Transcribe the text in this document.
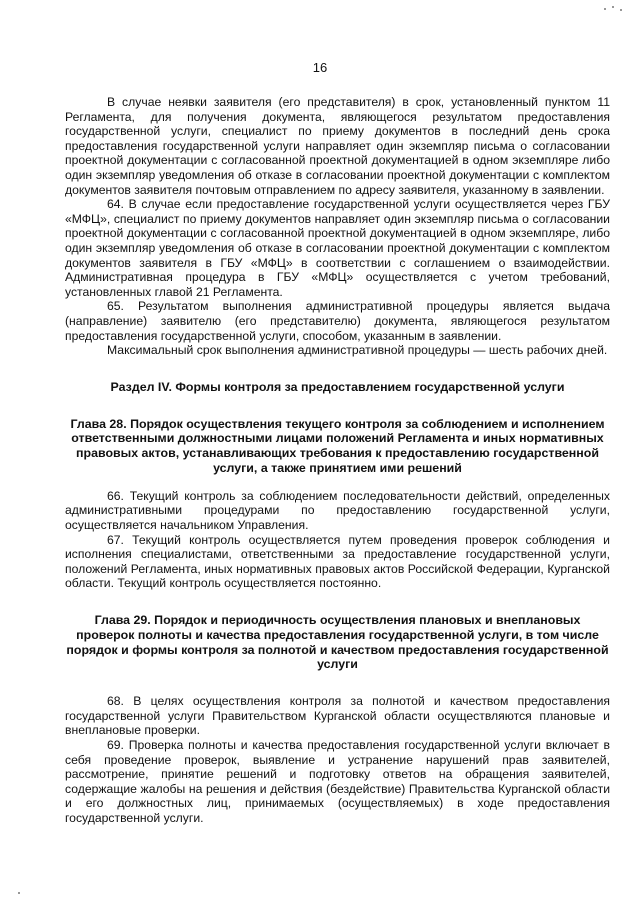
16

В случае неявки заявителя (его представителя) в срок, установленный пунктом 11 Регламента, для получения документа, являющегося результатом предоставления государственной услуги, специалист по приему документов в последний день срока предоставления государственной услуги направляет один экземпляр письма о согласовании проектной документации с согласованной проектной документацией в одном экземпляре либо один экземпляр уведомления об отказе в согласовании проектной документации с комплектом документов заявителя почтовым отправлением по адресу заявителя, указанному в заявлении.

64. В случае если предоставление государственной услуги осуществляется через ГБУ «МФЦ», специалист по приему документов направляет один экземпляр письма о согласовании проектной документации с согласованной проектной документацией в одном экземпляре, либо один экземпляр уведомления об отказе в согласовании проектной документации с комплектом документов заявителя в ГБУ «МФЦ» в соответствии с соглашением о взаимодействии. Административная процедура в ГБУ «МФЦ» осуществляется с учетом требований, установленных главой 21 Регламента.

65. Результатом выполнения административной процедуры является выдача (направление) заявителю (его представителю) документа, являющегося результатом предоставления государственной услуги, способом, указанным в заявлении.

Максимальный срок выполнения административной процедуры — шесть рабочих дней.

Раздел IV. Формы контроля за предоставлением государственной услуги
Глава 28. Порядок осуществления текущего контроля за соблюдением и исполнением ответственными должностными лицами положений Регламента и иных нормативных правовых актов, устанавливающих требования к предоставлению государственной услуги, а также принятием ими решений

66. Текущий контроль за соблюдением последовательности действий, определенных административными процедурами по предоставлению государственной услуги, осуществляется начальником Управления.

67. Текущий контроль осуществляется путем проведения проверок соблюдения и исполнения специалистами, ответственными за предоставление государственной услуги, положений Регламента, иных нормативных правовых актов Российской Федерации, Курганской области. Текущий контроль осуществляется постоянно.

Глава 29. Порядок и периодичность осуществления плановых и внеплановых проверок полноты и качества предоставления государственной услуги, в том числе порядок и формы контроля за полнотой и качеством предоставления государственной услуги

68. В целях осуществления контроля за полнотой и качеством предоставления государственной услуги Правительством Курганской области осуществляются плановые и внеплановые проверки.

69. Проверка полноты и качества предоставления государственной услуги включает в себя проведение проверок, выявление и устранение нарушений прав заявителей, рассмотрение, принятие решений и подготовку ответов на обращения заявителей, содержащие жалобы на решения и действия (бездействие) Правительства Курганской области и его должностных лиц, принимаемых (осуществляемых) в ходе предоставления государственной услуги.
